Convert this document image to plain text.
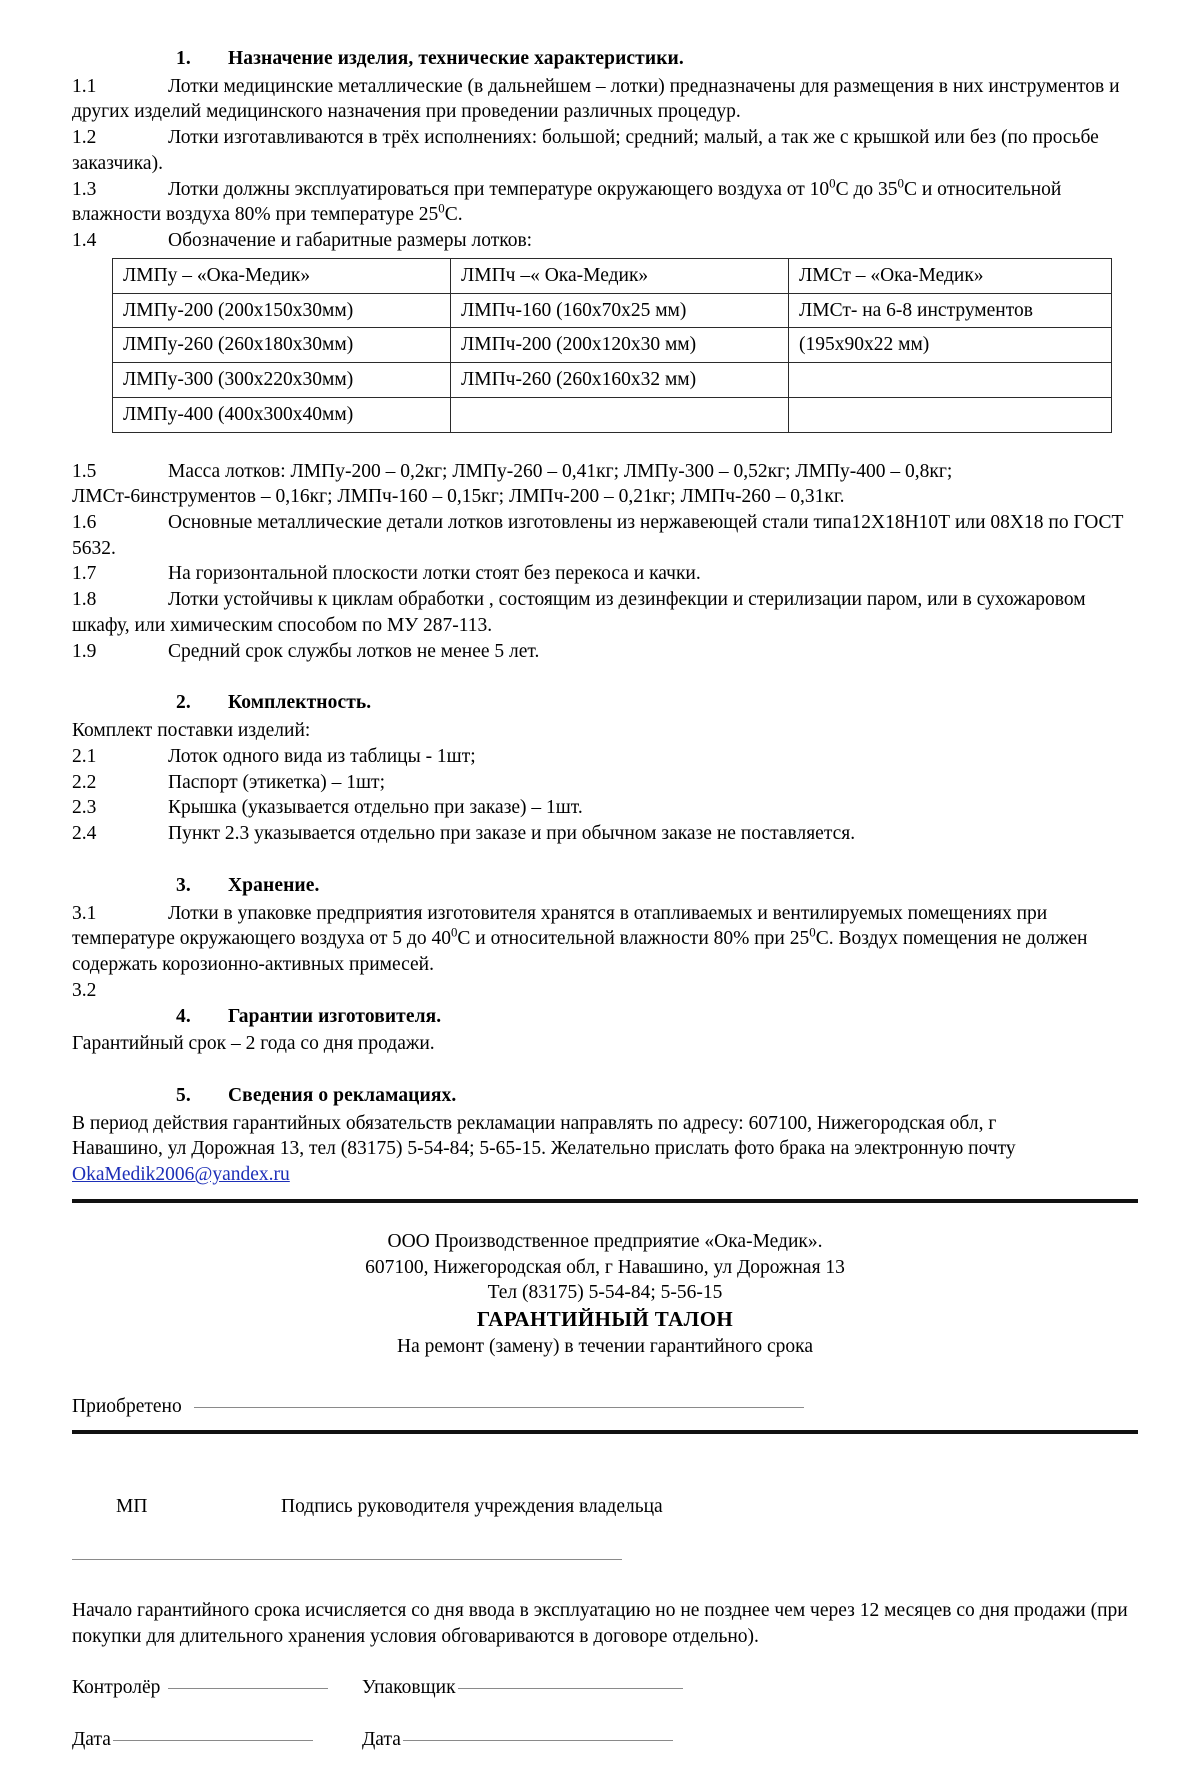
1. Назначение изделия, технические характеристики.

1.1	Лотки медицинские металлические (в дальнейшем – лотки) предназначены для размещения в них инструментов и других изделий медицинского назначения при проведении различных процедур.

1.2	Лотки изготавливаются в трёх исполнениях: большой; средний; малый, а так же с крышкой или без (по просьбе заказчика).

1.3	Лотки должны эксплуатироваться при температуре окружающего воздуха от $10^0С$ до $35^0С$ и относительной влажности воздуха 80% при температуре $25^0С$.

1.4	Обозначение и габаритные размеры лотков:

ЛМПу – «Ока-Медик»	ЛМПч –« Ока-Медик»	ЛМСт – «Ока-Медик»
ЛМПу-200 (200х150х30мм)	ЛМПч-160 (160х70х25 мм)	ЛМСт- на 6-8 инструментов
ЛМПу-260 (260х180х30мм)	ЛМПч-200 (200х120х30 мм)	(195х90х22 мм)
ЛМПу-300 (300х220х30мм)	ЛМПч-260 (260х160х32 мм)	
ЛМПу-400 (400х300х40мм)		

1.5	Масса лотков: ЛМПу-200 – 0,2кг; ЛМПу-260 – 0,41кг; ЛМПу-300 – 0,52кг; ЛМПу-400 – 0,8кг; ЛМСт-6инструментов – 0,16кг; ЛМПч-160 – 0,15кг; ЛМПч-200 – 0,21кг; ЛМПч-260 – 0,31кг.

1.6	Основные металлические детали лотков изготовлены из нержавеющей стали типа12Х18Н10Т или 08Х18 по ГОСТ 5632.

1.7	На горизонтальной плоскости лотки стоят без перекоса и качки.

1.8	Лотки устойчивы к циклам обработки , состоящим из дезинфекции и стерилизации паром, или в сухожаровом шкафу, или химическим способом по МУ 287-113.

1.9	Средний срок службы лотков не менее 5 лет.

2. Комплектность.

Комплект поставки изделий:

2.1	Лоток одного вида из таблицы - 1шт;

2.2	Паспорт (этикетка) – 1шт;

2.3	Крышка (указывается отдельно при заказе) – 1шт.

2.4	Пункт 2.3 указывается отдельно при заказе и при обычном заказе не поставляется.

3. Хранение.

3.1	Лотки в упаковке предприятия изготовителя хранятся в отапливаемых и вентилируемых помещениях при температуре окружающего воздуха от 5 до $40^0С$ и относительной влажности 80% при $25^0С$. Воздух помещения не должен содержать корозионно-активных примесей.

3.2

4. Гарантии изготовителя.

Гарантийный срок – 2 года со дня продажи.

5. Сведения о рекламациях.

В период действия гарантийных обязательств рекламации направлять по адресу: 607100, Нижегородская обл, г

Навашино, ул Дорожная 13, тел (83175) 5-54-84; 5-65-15. Желательно прислать фото брака на электронную почту

OkaMedik2006@yandex.ru

ООО Производственное предприятие «Ока-Медик».

607100, Нижегородская обл, г Навашино, ул Дорожная 13

Тел (83175) 5-54-84; 5-56-15

ГАРАНТИЙНЫЙ ТАЛОН

На ремонт (замену) в течении гарантийного срока

Приобретено

МП	Подпись руководителя учреждения владельца

Начало гарантийного срока исчисляется со дня ввода в эксплуатацию но не позднее чем через 12 месяцев со дня продажи (при покупки для длительного хранения условия обговариваются в договоре отдельно).

Контролёр	Упаковщик

Дата	Дата
